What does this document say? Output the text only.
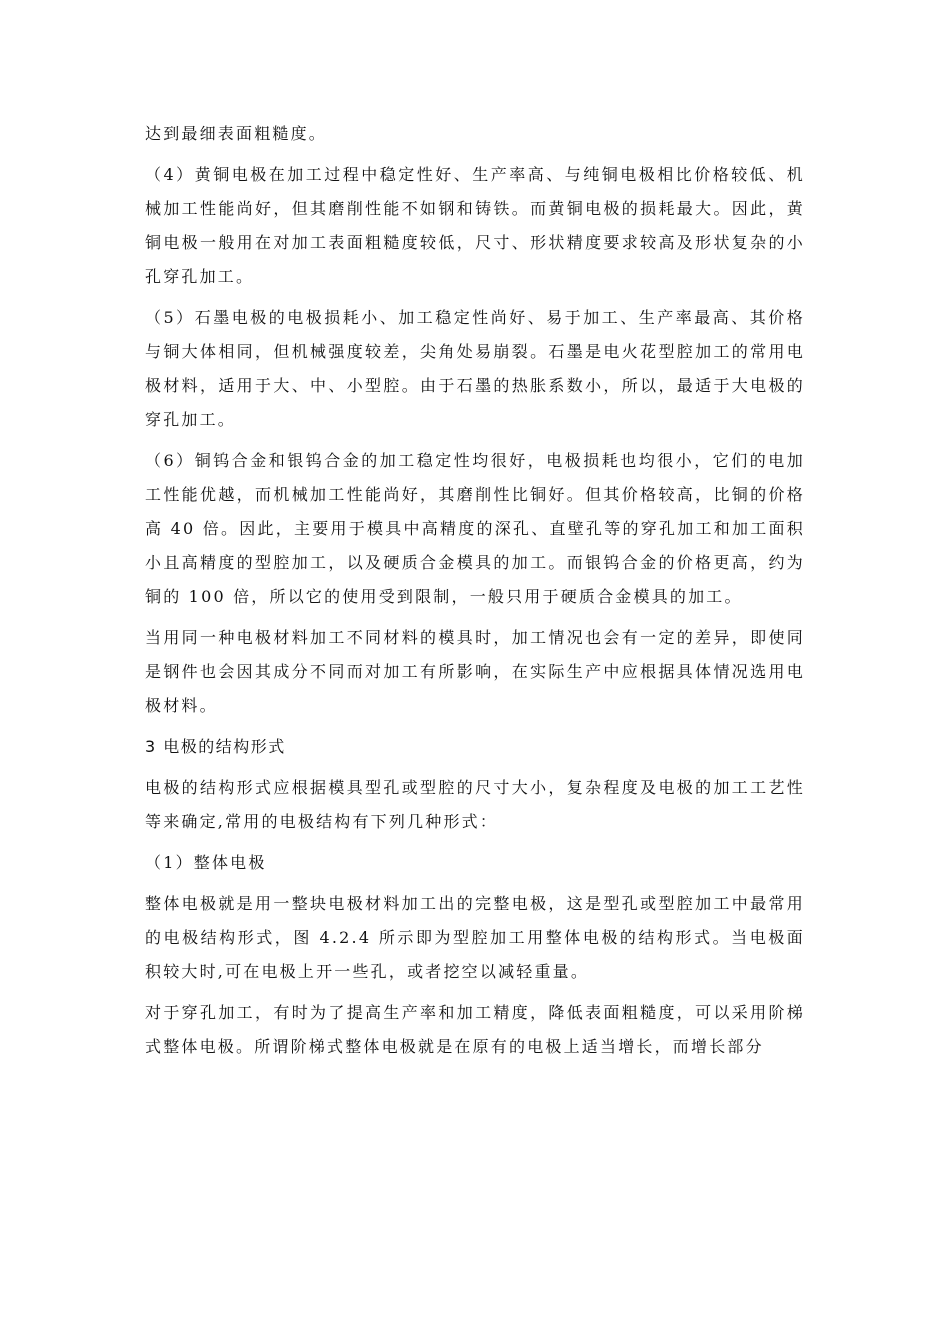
达到最细表面粗糙度。

（4）黄铜电极在加工过程中稳定性好、生产率高、与纯铜电极相比价格较低、机械加工性能尚好，但其磨削性能不如钢和铸铁。而黄铜电极的损耗最大。因此，黄铜电极一般用在对加工表面粗糙度较低，尺寸、形状精度要求较高及形状复杂的小孔穿孔加工。

（5）石墨电极的电极损耗小、加工稳定性尚好、易于加工、生产率最高、其价格与铜大体相同，但机械强度较差，尖角处易崩裂。石墨是电火花型腔加工的常用电极材料，适用于大、中、小型腔。由于石墨的热胀系数小，所以，最适于大电极的穿孔加工。

（6）铜钨合金和银钨合金的加工稳定性均很好，电极损耗也均很小，它们的电加工性能优越，而机械加工性能尚好，其磨削性比铜好。但其价格较高，比铜的价格高 40 倍。因此，主要用于模具中高精度的深孔、直壁孔等的穿孔加工和加工面积小且高精度的型腔加工，以及硬质合金模具的加工。而银钨合金的价格更高，约为铜的 100 倍，所以它的使用受到限制，一般只用于硬质合金模具的加工。

当用同一种电极材料加工不同材料的模具时，加工情况也会有一定的差异，即使同是钢件也会因其成分不同而对加工有所影响，在实际生产中应根据具体情况选用电极材料。

3 电极的结构形式

电极的结构形式应根据模具型孔或型腔的尺寸大小，复杂程度及电极的加工工艺性等来确定,常用的电极结构有下列几种形式：

（1）整体电极

整体电极就是用一整块电极材料加工出的完整电极，这是型孔或型腔加工中最常用的电极结构形式，图 4.2.4 所示即为型腔加工用整体电极的结构形式。当电极面积较大时,可在电极上开一些孔，或者挖空以减轻重量。

对于穿孔加工，有时为了提高生产率和加工精度，降低表面粗糙度，可以采用阶梯式整体电极。所谓阶梯式整体电极就是在原有的电极上适当增长，而增长部分
